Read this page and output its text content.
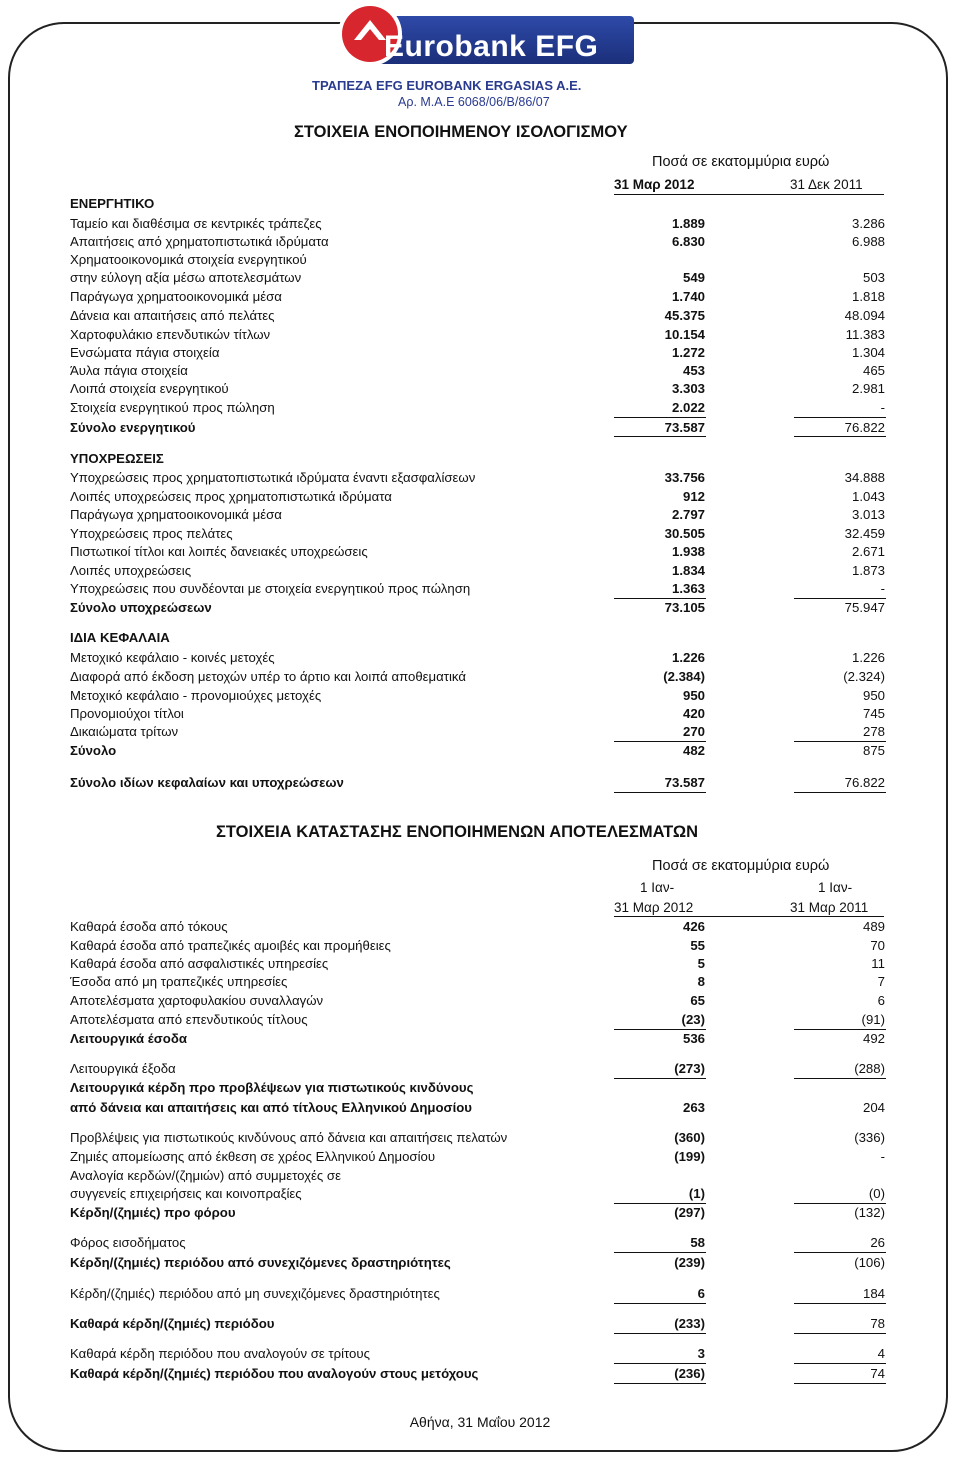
Eurobank EFG
ΤΡΑΠΕΖΑ EFG EUROBANK ERGASIAS A.E.
Αρ. Μ.Α.Ε 6068/06/Β/86/07
ΣΤΟΙΧΕΙΑ ΕΝΟΠΟΙΗΜΕΝΟΥ ΙΣΟΛΟΓΙΣΜΟΥ
Ποσά σε εκατομμύρια ευρώ
31 Μαρ 2012	31 Δεκ 2011
ΕΝΕΡΓΗΤΙΚΟ
Ταμείο και διαθέσιμα σε κεντρικές τράπεζες	1.889	3.286
Απαιτήσεις από χρηματοπιστωτικά ιδρύματα	6.830	6.988
Χρηματοοικονομικά στοιχεία ενεργητικού
στην εύλογη αξία μέσω αποτελεσμάτων	549	503
Παράγωγα χρηματοοικονομικά μέσα	1.740	1.818
Δάνεια και απαιτήσεις από πελάτες	45.375	48.094
Χαρτοφυλάκιο επενδυτικών τίτλων	10.154	11.383
Ενσώματα πάγια στοιχεία	1.272	1.304
Άυλα πάγια στοιχεία	453	465
Λοιπά στοιχεία ενεργητικού	3.303	2.981
Στοιχεία ενεργητικού προς πώληση	2.022	-
Σύνολο ενεργητικού	73.587	76.822
ΥΠΟΧΡΕΩΣΕΙΣ
Υποχρεώσεις προς χρηματοπιστωτικά ιδρύματα έναντι εξασφαλίσεων	33.756	34.888
Λοιπές υποχρεώσεις προς χρηματοπιστωτικά ιδρύματα	912	1.043
Παράγωγα χρηματοοικονομικά μέσα	2.797	3.013
Υποχρεώσεις προς πελάτες	30.505	32.459
Πιστωτικοί τίτλοι και λοιπές δανειακές υποχρεώσεις	1.938	2.671
Λοιπές υποχρεώσεις	1.834	1.873
Υποχρεώσεις που συνδέονται με στοιχεία ενεργητικού προς πώληση	1.363	-
Σύνολο υποχρεώσεων	73.105	75.947
ΙΔΙΑ ΚΕΦΑΛΑΙΑ
Μετοχικό κεφάλαιο - κοινές μετοχές	1.226	1.226
Διαφορά από έκδοση μετοχών υπέρ το άρτιο και λοιπά αποθεματικά	(2.384)	(2.324)
Μετοχικό κεφάλαιο - προνομιούχες μετοχές	950	950
Προνομιούχοι τίτλοι	420	745
Δικαιώματα τρίτων	270	278
Σύνολο	482	875
Σύνολο ιδίων κεφαλαίων και υποχρεώσεων	73.587	76.822
ΣΤΟΙΧΕΙΑ ΚΑΤΑΣΤΑΣΗΣ ΕΝΟΠΟΙΗΜΕΝΩΝ ΑΠΟΤΕΛΕΣΜΑΤΩΝ
Ποσά σε εκατομμύρια ευρώ
1 Ιαν-	1 Ιαν-
31 Μαρ 2012	31 Μαρ 2011
Καθαρά έσοδα από τόκους	426	489
Καθαρά έσοδα από τραπεζικές αμοιβές και προμήθειες	55	70
Καθαρά έσοδα από ασφαλιστικές υπηρεσίες	5	11
Έσοδα από μη τραπεζικές υπηρεσίες	8	7
Αποτελέσματα χαρτοφυλακίου συναλλαγών	65	6
Αποτελέσματα από επενδυτικούς τίτλους	(23)	(91)
Λειτουργικά έσοδα	536	492
Λειτουργικά έξοδα	(273)	(288)
Λειτουργικά κέρδη προ προβλέψεων για πιστωτικούς κινδύνους
από δάνεια και απαιτήσεις και από τίτλους Ελληνικού Δημοσίου	263	204
Προβλέψεις για πιστωτικούς κινδύνους από δάνεια και απαιτήσεις πελατών	(360)	(336)
Ζημιές απομείωσης από έκθεση σε χρέος Ελληνικού Δημοσίου	(199)	-
Αναλογία κερδών/(ζημιών) από συμμετοχές σε
συγγενείς επιχειρήσεις και κοινοπραξίες	(1)	(0)
Κέρδη/(ζημιές) προ φόρου	(297)	(132)
Φόρος εισοδήματος	58	26
Κέρδη/(ζημιές) περιόδου από συνεχιζόμενες δραστηριότητες	(239)	(106)
Κέρδη/(ζημιές) περιόδου από μη συνεχιζόμενες δραστηριότητες	6	184
Καθαρά κέρδη/(ζημιές) περιόδου	(233)	78
Καθαρά κέρδη περιόδου που αναλογούν σε τρίτους	3	4
Καθαρά κέρδη/(ζημιές) περιόδου που αναλογούν στους μετόχους	(236)	74
Αθήνα, 31 Μαΐου 2012
